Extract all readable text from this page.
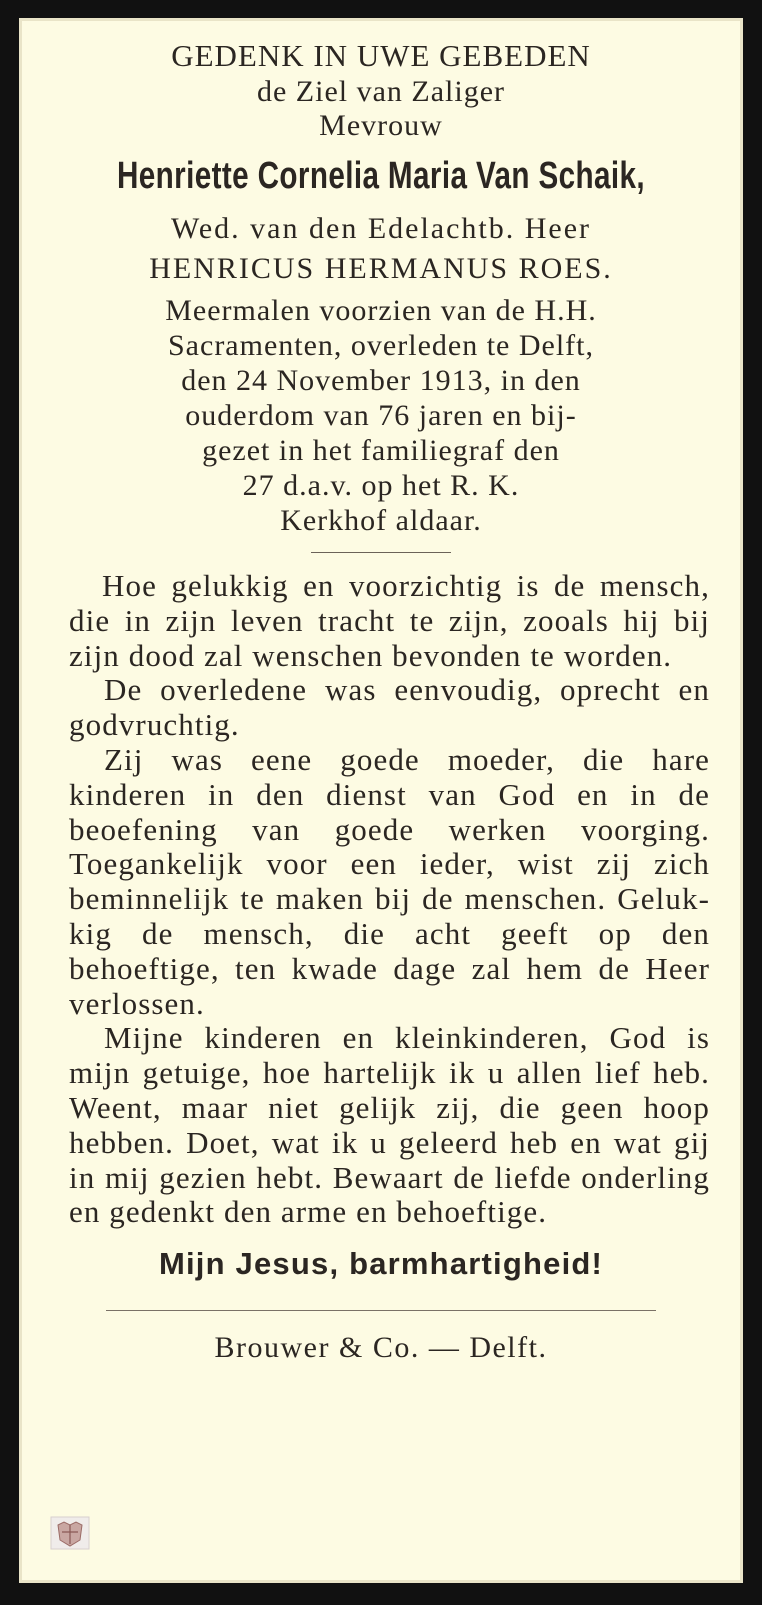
GEDENK IN UWE GEBEDEN
de Ziel van Zaliger
Mevrouw
Henriette Cornelia Maria Van Schaik,
Wed. van den Edelachtb. Heer
HENRICUS HERMANUS ROES.
Meermalen voorzien van de H.H.
Sacramenten, overleden te Delft,
den 24 November 1913, in den
ouderdom van 76 jaren en bij-
gezet in het familiegraf den
27 d.a.v. op het R. K.
Kerkhof aldaar.

Hoe gelukkig en voorzichtig is de mensch, die in zijn leven tracht te zijn, zooals hij bij zijn dood zal wenschen bevonden te worden.

De overledene was eenvoudig, oprecht en godvruchtig.

Zij was eene goede moeder, die hare kinderen in den dienst van God en in de beoefening van goede werken voorging. Toegankelijk voor een ieder, wist zij zich beminnelijk te maken bij de menschen. Geluk-kig de mensch, die acht geeft op den behoeftige, ten kwade dage zal hem de Heer verlossen.

Mijne kinderen en kleinkinderen, God is mijn getuige, hoe hartelijk ik u allen lief heb. Weent, maar niet gelijk zij, die geen hoop hebben. Doet, wat ik u geleerd heb en wat gij in mij gezien hebt. Bewaart de liefde onderling en gedenkt den arme en behoeftige.

Mijn Jesus, barmhartigheid!
Brouwer & Co. — Delft.
